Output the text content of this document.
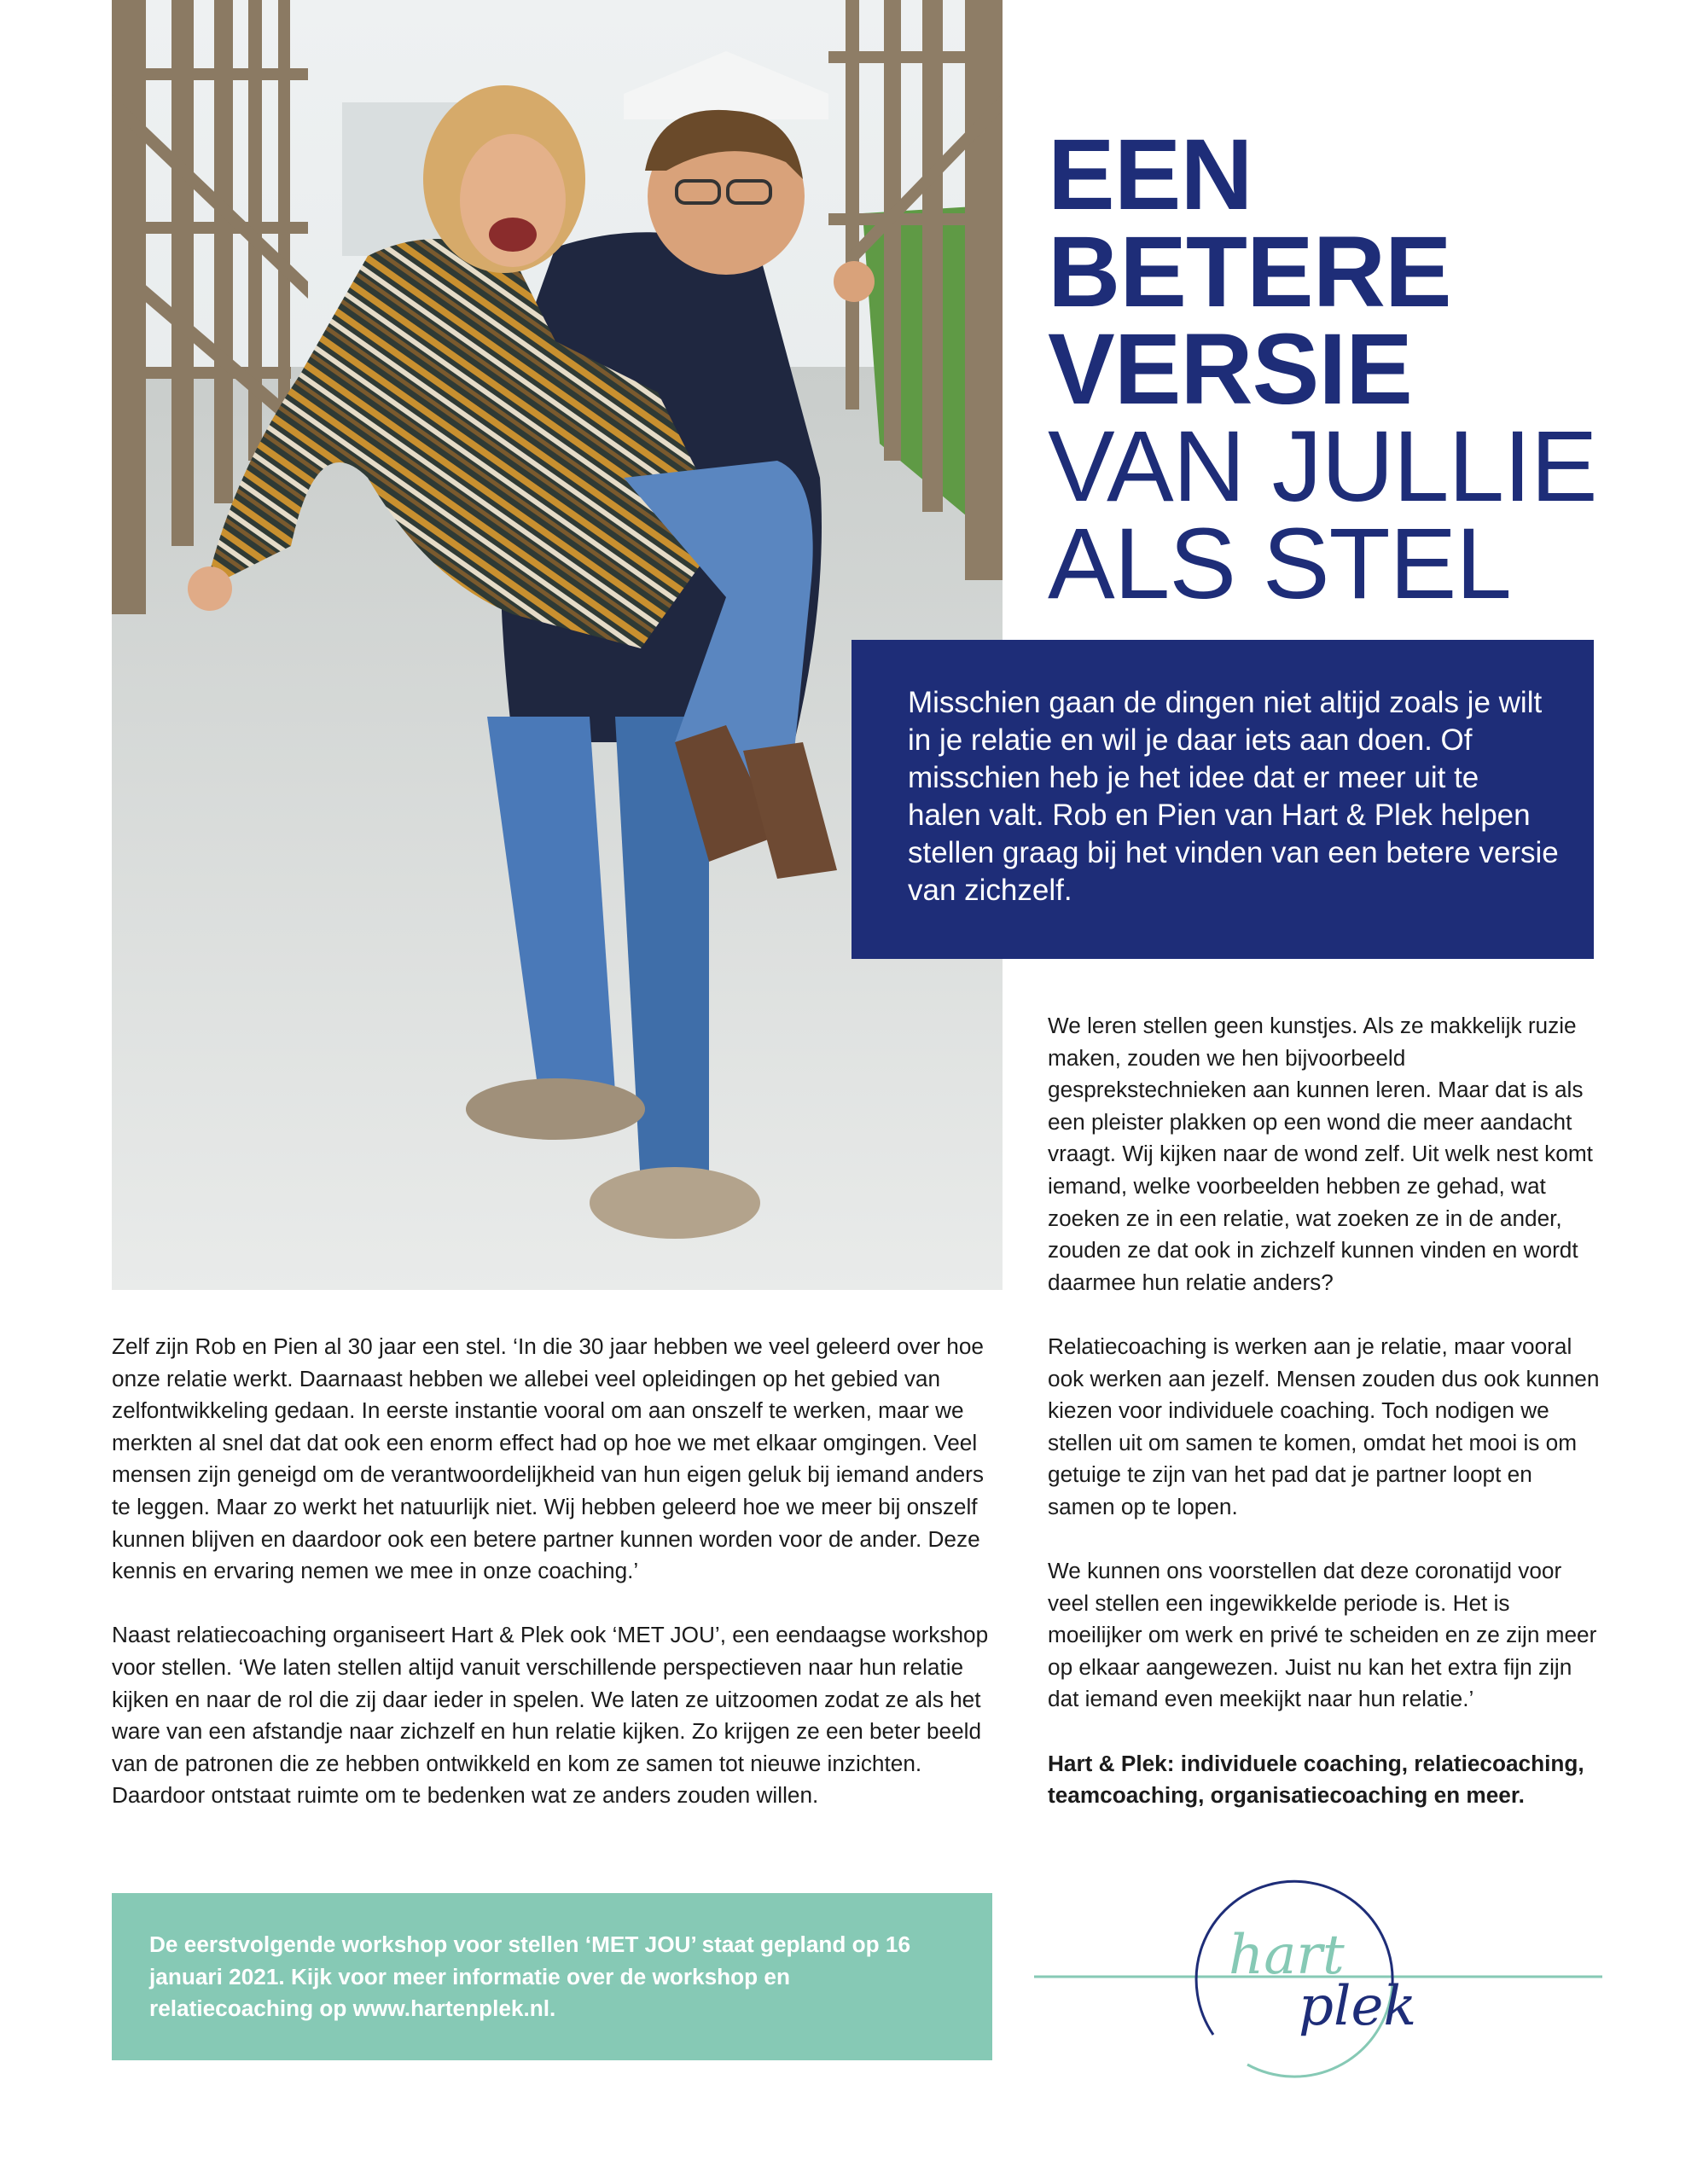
EEN

BETERE

VERSIE

VAN JULLIE

ALS STEL

Misschien gaan de dingen niet altijd zoals je wilt in je relatie en wil je daar iets aan doen. Of misschien heb je het idee dat er meer uit te halen valt. Rob en Pien van Hart & Plek helpen stellen graag bij het vinden van een betere versie van zichzelf.

We leren stellen geen kunstjes. Als ze makkelijk ruzie maken, zouden we hen bijvoorbeeld gesprekstechnieken aan kunnen leren. Maar dat is als een pleister plakken op een wond die meer aandacht vraagt. Wij kijken naar de wond zelf. Uit welk nest komt iemand, welke voorbeelden hebben ze gehad, wat zoeken ze in een relatie, wat zoeken ze in de ander, zouden ze dat ook in zichzelf kunnen vinden en wordt daarmee hun relatie anders?

Relatiecoaching is werken aan je relatie, maar vooral ook werken aan jezelf. Mensen zouden dus ook kunnen kiezen voor individuele coaching. Toch nodigen we stellen uit om samen te komen, omdat het mooi is om getuige te zijn van het pad dat je partner loopt en samen op te lopen.

We kunnen ons voorstellen dat deze coronatijd voor veel stellen een ingewikkelde periode is. Het is moeilijker om werk en privé te scheiden en ze zijn meer op elkaar aangewezen. Juist nu kan het extra fijn zijn dat iemand even meekijkt naar hun relatie.’

Hart & Plek: individuele coaching, relatiecoaching, teamcoaching, organisatiecoaching en meer.

Zelf zijn Rob en Pien al 30 jaar een stel. ‘In die 30 jaar hebben we veel geleerd over hoe onze relatie werkt. Daarnaast hebben we allebei veel opleidingen op het gebied van zelfontwikkeling gedaan. In eerste instantie vooral om aan onszelf te werken, maar we merkten al snel dat dat ook een enorm effect had op hoe we met elkaar omgingen. Veel mensen zijn geneigd om de verantwoordelijkheid van hun eigen geluk bij iemand anders te leggen. Maar zo werkt het natuurlijk niet. Wij hebben geleerd hoe we meer bij onszelf kunnen blijven en daardoor ook een betere partner kunnen worden voor de ander. Deze kennis en ervaring nemen we mee in onze coaching.’

Naast relatiecoaching organiseert Hart & Plek ook ‘MET JOU’, een eendaagse workshop voor stellen. ‘We laten stellen altijd vanuit verschillende perspectieven naar hun relatie kijken en naar de rol die zij daar ieder in spelen. We laten ze uitzoomen zodat ze als het ware van een afstandje naar zichzelf en hun relatie kijken. Zo krijgen ze een beter beeld van de patronen die ze hebben ontwikkeld en kom ze samen tot nieuwe inzichten. Daardoor ontstaat ruimte om te bedenken wat ze anders zouden willen.

De eerstvolgende workshop voor stellen ‘MET JOU’ staat gepland op 16 januari 2021. Kijk voor meer informatie over de workshop en relatiecoaching op www.hartenplek.nl.

hart
plek
